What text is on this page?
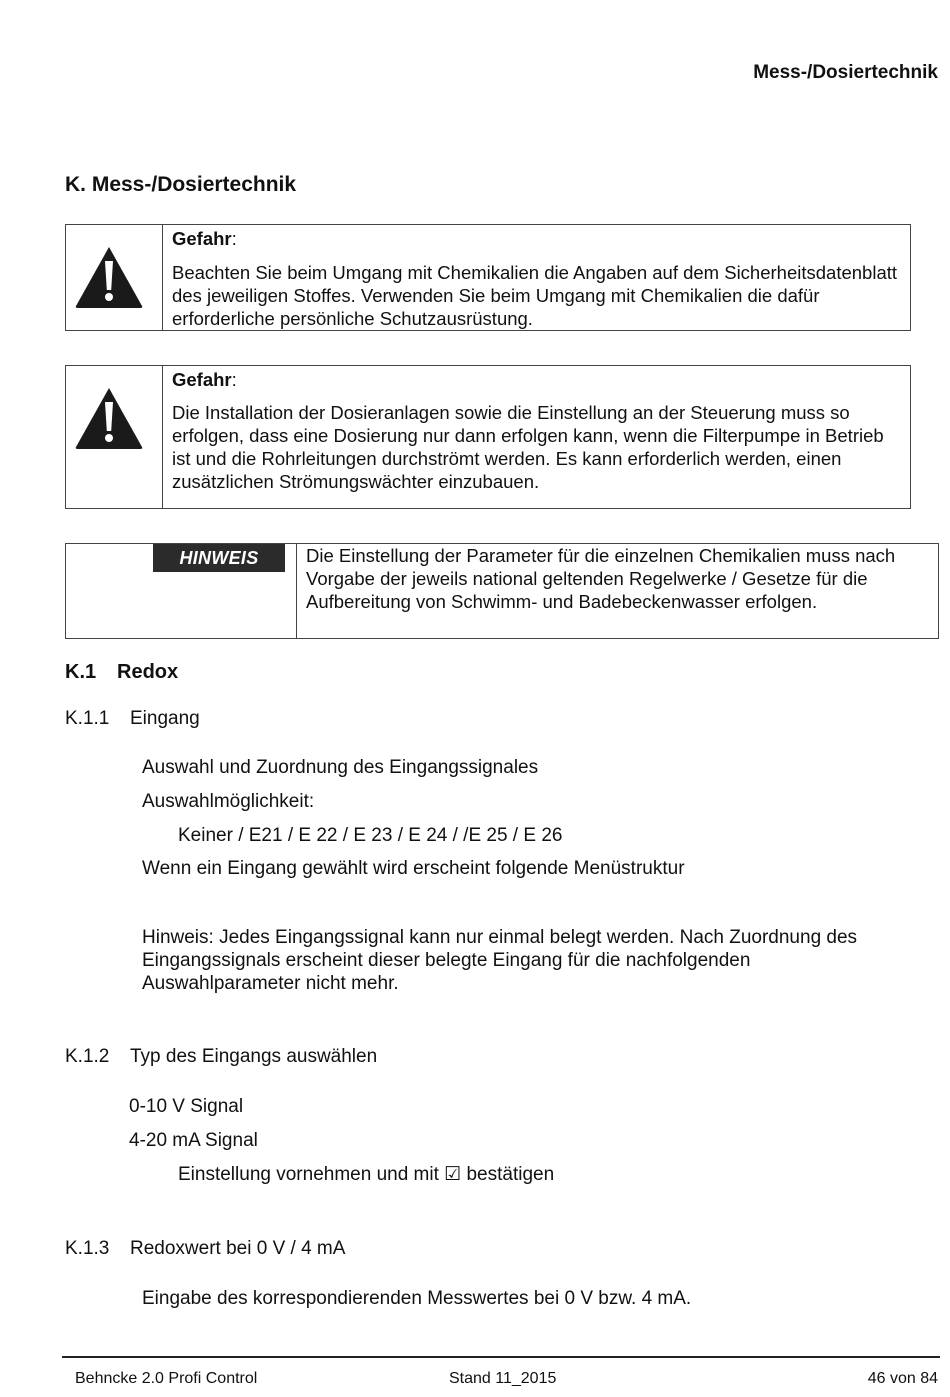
Mess-/Dosiertechnik
K. Mess-/Dosiertechnik

Gefahr:

Beachten Sie beim Umgang mit Chemikalien die Angaben auf dem Sicherheitsdatenblatt des jeweiligen Stoffes. Verwenden Sie beim Umgang mit Chemikalien die dafür erforderliche persönliche Schutzausrüstung.

Gefahr:

Die Installation der Dosieranlagen sowie die Einstellung an der Steuerung muss so erfolgen, dass eine Dosierung nur dann erfolgen kann, wenn die Filterpumpe in Betrieb ist und die Rohrleitungen durchströmt werden. Es kann erforderlich werden, einen zusätzlichen Strömungswächter einzubauen.

HINWEIS	Die Einstellung der Parameter für die einzelnen Chemikalien muss nach Vorgabe der jeweils national geltenden Regelwerke / Gesetze für die Aufbereitung von Schwimm- und Badebeckenwasser erfolgen.
K.1 Redox
K.1.1 Eingang
Auswahl und Zuordnung des Eingangssignales
Auswahlmöglichkeit:
Keiner / E21 / E 22 / E 23 / E 24 / /E 25 / E 26
Wenn ein Eingang gewählt wird erscheint folgende Menüstruktur
Hinweis: Jedes Eingangssignal kann nur einmal belegt werden. Nach Zuordnung des Eingangssignals erscheint dieser belegte Eingang für die nachfolgenden Auswahlparameter nicht mehr.
K.1.2 Typ des Eingangs auswählen
0-10 V Signal
4-20 mA Signal
Einstellung vornehmen und mit ☑ bestätigen
K.1.3 Redoxwert bei 0 V / 4 mA
Eingabe des korrespondierenden Messwertes bei 0 V bzw. 4 mA.
Behncke 2.0 Profi Control	Stand 11_2015	46 von 84
